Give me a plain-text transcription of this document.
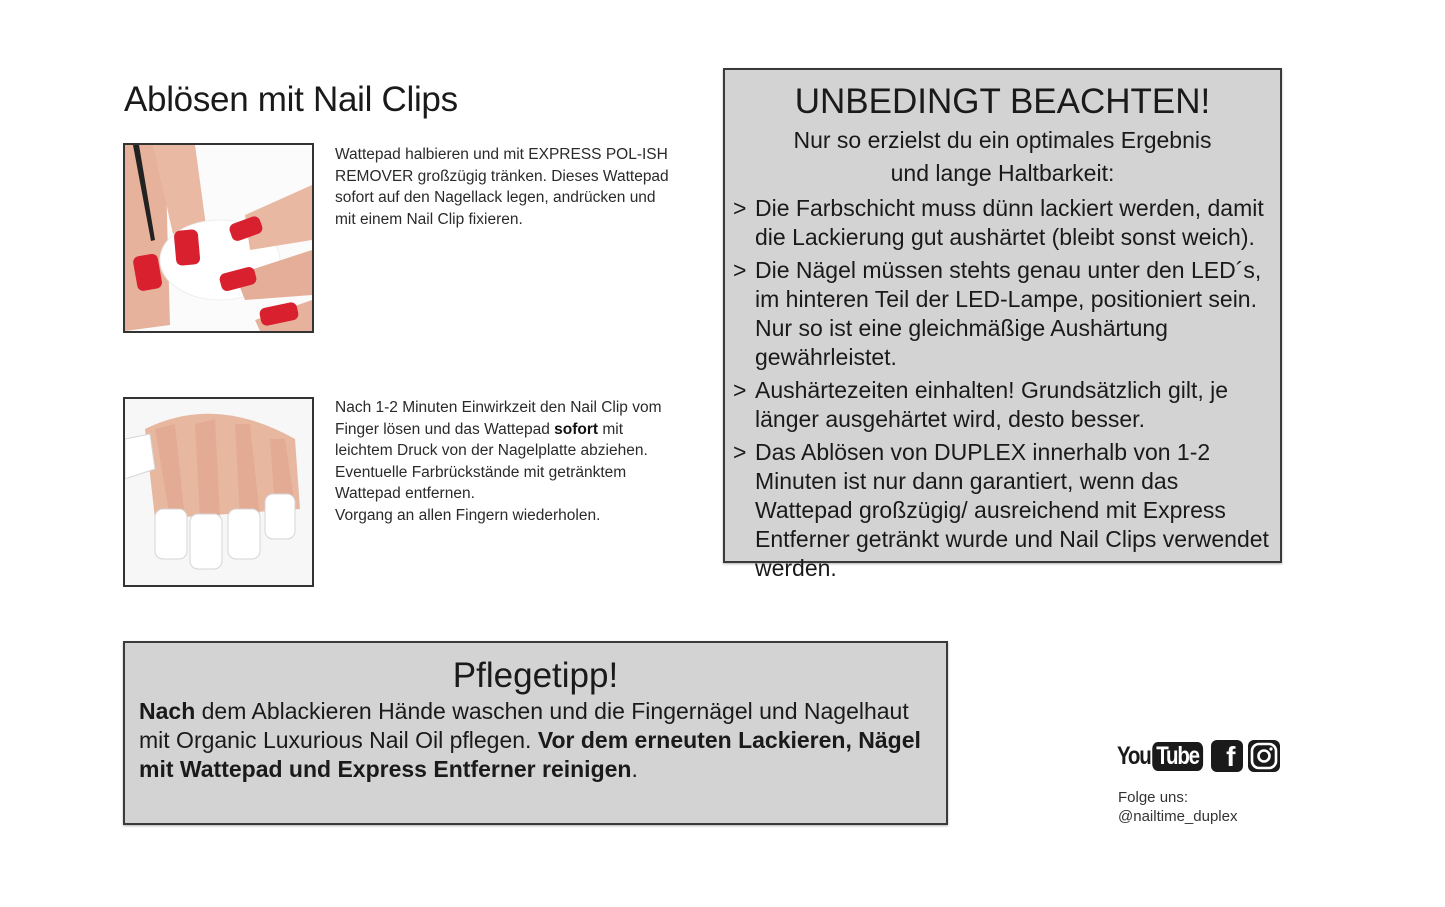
Ablösen mit Nail Clips
Wattepad halbieren und mit EXPRESS POL-ISH REMOVER großzügig tränken. Dieses Wattepad sofort auf den Nagellack legen, andrücken und mit einem Nail Clip fixieren.
Nach 1-2 Minuten Einwirkzeit den Nail Clip vom Finger lösen und das Wattepad sofort mit leichtem Druck von der Nagelplatte abziehen. Eventuelle Farbrückstände mit getränktem Wattepad entfernen.
Vorgang an allen Fingern wiederholen.
UNBEDINGT BEACHTEN!
Nur so erzielst du ein optimales Ergebnis
und lange Haltbarkeit:
> Die Farbschicht muss dünn lackiert werden, damit die Lackierung gut aushärtet (bleibt sonst weich).
> Die Nägel müssen stehts genau unter den LED´s, im hinteren Teil der LED-Lampe, positioniert sein. Nur so ist eine gleichmäßige Aushärtung gewährleistet.
> Aushärtezeiten einhalten! Grundsätzlich gilt, je länger ausgehärtet wird, desto besser.
> Das Ablösen von DUPLEX innerhalb von 1-2 Minuten ist nur dann garantiert, wenn das Wattepad großzügig/ ausreichend mit Express Entferner getränkt wurde und Nail Clips verwendet werden.
Pflegetipp!
Nach dem Ablackieren Hände waschen und die Fingernägel und Nagelhaut mit Organic Luxurious Nail Oil pflegen. Vor dem erneuten Lackieren, Nägel mit Wattepad und Express Entferner reinigen.	You Tube f
Folge uns:
@nailtime_duplex
